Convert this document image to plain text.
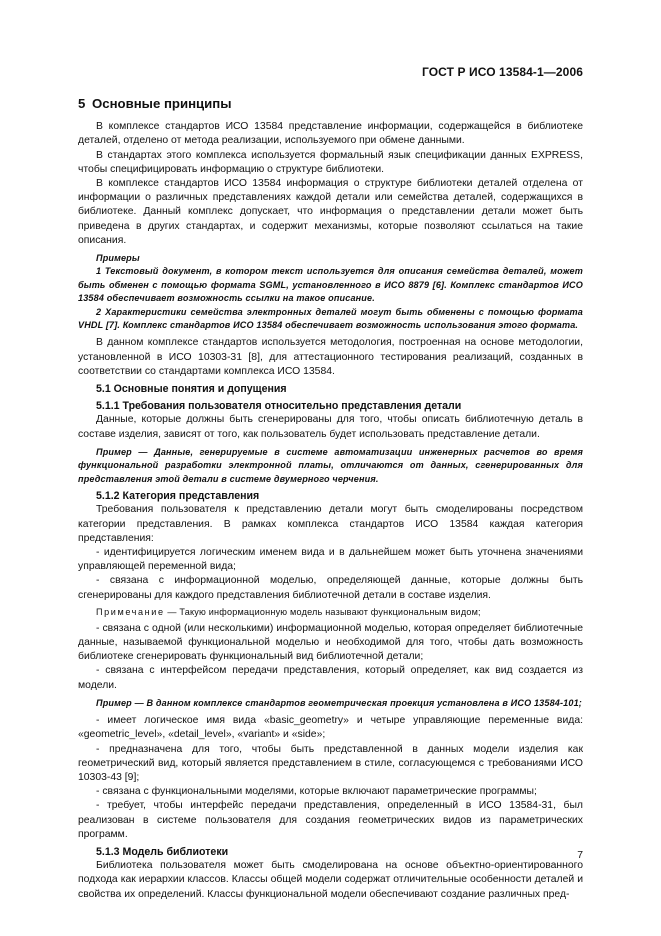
ГОСТ Р ИСО 13584-1—2006

5 Основные принципы

В комплексе стандартов ИСО 13584 представление информации, содержащейся в библиотеке деталей, отделено от метода реализации, используемого при обмене данными.

В стандартах этого комплекса используется формальный язык спецификации данных EXPRESS, чтобы специфицировать информацию о структуре библиотеки.

В комплексе стандартов ИСО 13584 информация о структуре библиотеки деталей отделена от информации о различных представлениях каждой детали или семейства деталей, содержащихся в библиотеке. Данный комплекс допускает, что информация о представлении детали может быть приведена в других стандартах, и содержит механизмы, которые позволяют ссылаться на такие описания.

Примеры

1 Текстовый документ, в котором текст используется для описания семейства деталей, может быть обменен с помощью формата SGML, установленного в ИСО 8879 [6]. Комплекс стандартов ИСО 13584 обеспечивает возможность ссылки на такое описание.

2 Характеристики семейства электронных деталей могут быть обменены с помощью формата VHDL [7]. Комплекс стандартов ИСО 13584 обеспечивает возможность использования этого формата.

В данном комплексе стандартов используется методология, построенная на основе методологии, установленной в ИСО 10303-31 [8], для аттестационного тестирования реализаций, созданных в соответствии со стандартами комплекса ИСО 13584.

5.1 Основные понятия и допущения

5.1.1 Требования пользователя относительно представления детали

Данные, которые должны быть сгенерированы для того, чтобы описать библиотечную деталь в составе изделия, зависят от того, как пользователь будет использовать представление детали.

Пример — Данные, генерируемые в системе автоматизации инженерных расчетов во время функциональной разработки электронной платы, отличаются от данных, сгенерированных для представления этой детали в системе двумерного черчения.

5.1.2 Категория представления

Требования пользователя к представлению детали могут быть смоделированы посредством категории представления. В рамках комплекса стандартов ИСО 13584 каждая категория представления:

- идентифицируется логическим именем вида и в дальнейшем может быть уточнена значениями управляющей переменной вида;

- связана с информационной моделью, определяющей данные, которые должны быть сгенерированы для каждого представления библиотечной детали в составе изделия.

Примечание — Такую информационную модель называют функциональным видом;

- связана с одной (или несколькими) информационной моделью, которая определяет библиотечные данные, называемой функциональной моделью и необходимой для того, чтобы дать возможность библиотеке сгенерировать функциональный вид библиотечной детали;

- связана с интерфейсом передачи представления, который определяет, как вид создается из модели.

Пример — В данном комплексе стандартов геометрическая проекция установлена в ИСО 13584-101;

- имеет логическое имя вида «basic_geometry» и четыре управляющие переменные вида: «geometric_level», «detail_level», «variant» и «side»;

- предназначена для того, чтобы быть представленной в данных модели изделия как геометрический вид, который является представлением в стиле, согласующемся с требованиями ИСО 10303-43 [9];

- связана с функциональными моделями, которые включают параметрические программы;

- требует, чтобы интерфейс передачи представления, определенный в ИСО 13584-31, был реализован в системе пользователя для создания геометрических видов из параметрических программ.

5.1.3 Модель библиотеки

Библиотека пользователя может быть смоделирована на основе объектно-ориентированного подхода как иерархии классов. Классы общей модели содержат отличительные особенности деталей и свойства их определений. Классы функциональной модели обеспечивают создание различных пред-

7
